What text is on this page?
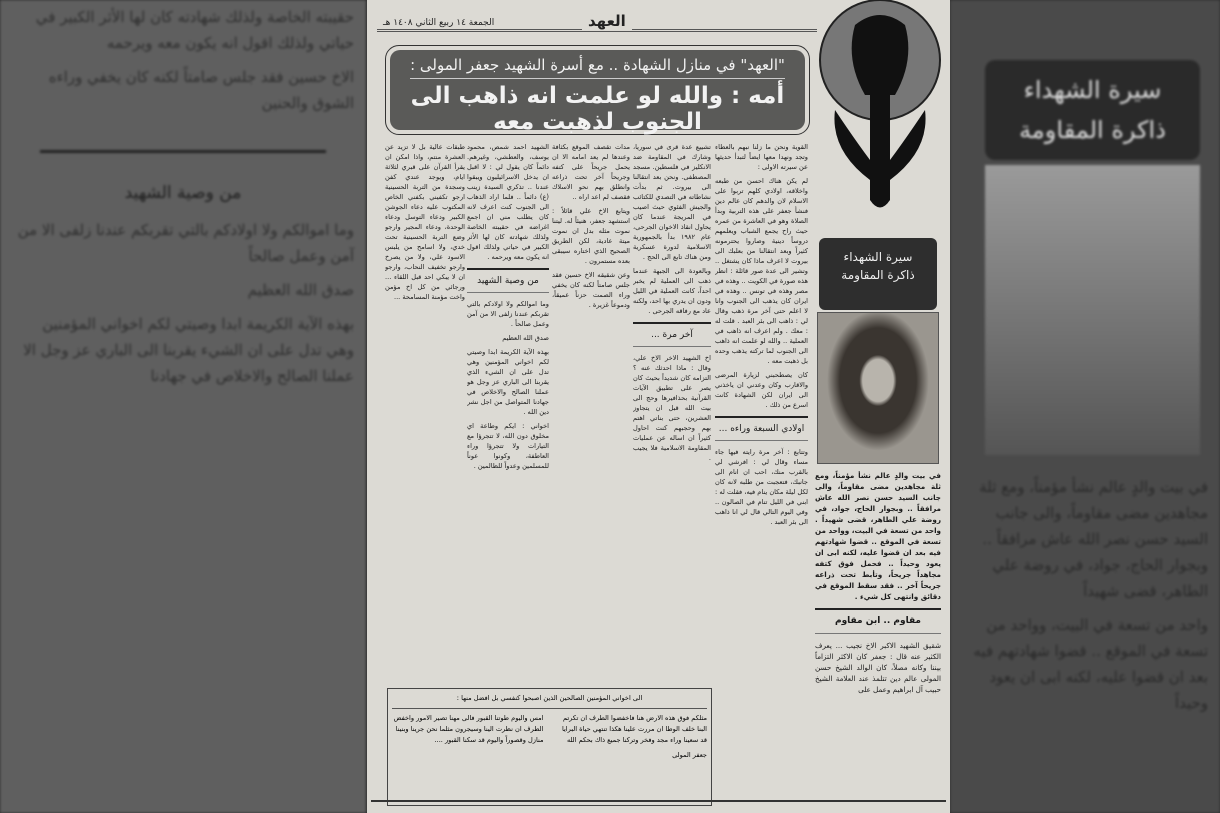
حقيبته الخاصة ولذلك شهادته كان لها الأثر الكبير في حياتي ولذلك اقول انه يكون معه ويرحمه

الاخ حسين فقد جلس صامتاً لكنه كان يخفي وراءه الشوق والحنين

من وصية الشهيد

وما اموالكم ولا اولادكم بالتي تقربكم عندنا زلفى الا من آمن وعمل صالحاً

صدق الله العظيم

بهذه الآية الكريمة ابدا وصيتي لكم اخواني المؤمنين وهي تدل على ان الشيء يقربنا الى الباري عز وجل الا عملنا الصالح والاخلاص في جهادنا

سيرة الشهداء
ذاكرة المقاومة

في بيت والدٍ عالم نشأ مؤمناً، ومع ثلة مجاهدين مضى مقاوماً، والى جانب السيد حسن نصر الله عاش مرافقاً .. وبجوار الحاج، جواد، في روضة علي الطاهر، قضى شهيداً

واحد من تسعة في البيت، وواحد من تسعة في الموقع .. قضوا شهادتهم فيه بعد ان قضوا عليه، لكنه ابى ان يعود وحيداً

الجمعة ١٤ ربيع الثاني ١٤٠٨ هـ	العهد
"العهد" في منازل الشهادة .. مع أسرة الشهيد جعفر المولى :
أمه : والله لو علمت انه ذاهب الى الجنوب لذهبت معه

القوية ونحن ما زلنا نبهم بالعطاء وتجد ونهدا معها ايضاً لتبدأ حديثها عن سيرته الاولى :

لم يكن هناك احسن من طبعه واخلاقه، اولادي كلهم تربوا على الاسلام لان والدهم كان عالم دين فنشأ جعفر على هذه التربية وبدأ الصلاة وهو في العاشرة من عمره حيث راح يجمع الشباب ويعلمهم دروساً دينية وصاروا يحترمونه كثيراً وبعد انتقالنا من بعلبك الى بيروت لا اعرف ماذا كان يشتغل .. وتشير الى عدة صور قائلة : انظر هذه صورة في الكويت .. وهذه في مصر وهذه في تونس .. وهذه في ايران كان يذهب الى الجنوب وانا لا اعلم حتى آخر مرة ذهب وقال لي : ذاهب الى بئر العبد . قلت له : معك . ولم اعرف انه ذاهب في العملية .. والله لو علمت انه ذاهب الى الجنوب لما تركته يذهب وحده بل ذهبت معه .

كان يصطحبني لزيارة المرضى والاقارب وكان وعدني ان ياخذني الى ايران لكن الشهادة كانت اسرع من ذلك .

اولادي السبعة وراءه ...

وتتابع : آخر مرة رايته فيها جاء مساء وقال لي : افرشي لي بالقرب منك، احب ان انام الى جانبك، فتعجبت من طلبه لانه كان لكل ليلة مكان ينام فيه، فقلت له : ابني في الليل تنام في الصالون .. وفي اليوم التالي قال لي انا ذاهب الى بئر العبد .

تشييع عدة قرى في سوريا، وشارك في المقاومة ضد الانكليز في فلسطين. مسجد المصطفى. ونحن بعد انتقالنا الى بيروت. ثم بدأت نشاطاته في التصدي للكتائب والجيش الفئوي حيث اصيب في المريجة عندما كان يحاول انقاذ الاخوان الجرحى، عام ١٩٨٢ بدأ بالجمهورية الاسلامية لدورة عسكرية ومن هناك تابع الى الحج .

وبالعودة الى الجبهة عندما ذهب الى العملية لم يخبر احداً، كانت العملية في الليل ودون ان يدري بها احد، ولكنه عاد مع رفاقه الجرحى .

آخر مرة ...

اخ الشهيد الاخر الاخ علي، وقال : ماذا احدثك عنه ؟ التزامه كان شديداً بحيث كان يصر على تطبيق الآيات القرآنية بحذافيرها وحج الى بيت الله قبل ان يتجاوز العشرين، حتى بناتي اهتم بهم وحجبهم كنت احاول كثيراً ان اساله عن عمليات المقاومة الاسلامية فلا يجيب .

مدات تقصف الموقع بكثافة وعندها لم يعد امامه الا ان يحمل جريحاً على كتفه وجريحاً آخر تحت ذراعه وانطلق بهم نحو الاسلاك فقصف لم اعد اراه ..

ويتابع الاخ علي قائلاً : استشهد جعفر، هنيئاً له. ليتنا نموت مثله بدل ان نموت ميتة عادية، لكن الطريق الصحيح الذي اختاره سيبقى بعده مستمرون .

وعن شقيقه الاخ حسين فقد جلس صامتاً لكنه كان يخفي وراء الصمت حزناً عميقاً، ودموعاً غزيرة .

الشهيد احمد شمص، محمود يوسف، والعطشي، وغيرهم. دائماً كان يقول لي : لا اقبل ان يدخل الاسرائيليون ويبقوا عندنا .. تذكري السيدة زينب (ع) دائماً .. فلما اراد الذهاب الى الجنوب كنت اعرف لانه كان يطلب مني ان اجمع اغراضه في حقيبته الخاصة ولذلك شهادته كان لها الأثر الكبير في حياتي ولذلك اقول انه يكون معه ويرحمه .

من وصية الشهيد

وما اموالكم ولا اولادكم بالتي تقربكم عندنا زلفى الا من آمن وعمل صالحاً .

صدق الله العظيم

بهذه الآية الكريمة ابدا وصيتي لكم اخواني المؤمنين وهي تدل على ان الشيء الذي يقربنا الى الباري عز وجل هو عملنا الصالح والاخلاص في جهادنا المتواصل من اجل نشر دين الله .

اخواني : ايكم وطاعة اي مخلوق دون الله، لا تتجرؤا مع التيارات ولا تتجرؤا وراء العاطفة، وكونوا عوناً للمسلمين وعدواً للظالمين .

طبقات عالية بل لا تزيد عن العشرة منتم، واذا امكن ان يقرأ القرآن على قبري لثلاثة ايام، ويوجد عندي كفن وسجدة من التربة الحسينية ارجو تكفيني بكفني الخاص المكتوب عليه دعاء الجوشن الكبير ودعاء التوسل ودعاء الوحدة، ودعاء المجير وارجو وضع التربة الحسينية تحت خدي، ولا اسامح من يلبس الاسود علي، ولا من يصرخ وارجو تخفيف النحاب، وارجو ان لا يبكي احد قبل اللقاء ... ورجائي من كل اخ مؤمن واخت مؤمنة المسامحة ...

سيرة الشهداء
ذاكرة المقاومة

في بيت والدٍ عالم نشأ مؤمناً، ومع ثلة مجاهدين مضى مقاوماً، والى جانب السيد حسن نصر الله عاش مرافقاً .. وبجوار الحاج، جواد، في روضة علي الطاهر، قضى شهيداً . واحد من تسعة في البيت، وواحد من تسعة في الموقع .. قضوا شهادتهم فيه بعد ان قضوا عليه، لكنه ابى ان يعود وحيداً .. فحمل فوق كتفه مجاهداً جريحاً، وتأبط تحت ذراعه جريحاً آخر .. فقد سقط الموقع في دقائق وانتهى كل شيء .

مقاوم .. ابن مقاوم

شقيق الشهيد الاكبر الاخ نجيب ... يعرف الكثير عنه قال : جعفر كان الاكثر التزاماً بيننا وكانه مصلاً، كان الوالد الشيخ حسن المولى عالم دين تتلمذ عند العلامة الشيخ حبيب آل ابراهيم وعمل على

الى اخواني المؤمنين الصالحين الذين اصبحوا كنفسي بل افضل منها :
مثلكم فوق هذه الارض هنا فاخفضوا الطرف ان تكرتم البنا خلف الوطا ان مررت علينا هكذا تنتهي حياة البرايا قد سعينا وراء مجد وفخر وتركنا جميع ذاك بحكم الله
امس واليوم طوتنا القبور فالى مهنا تصير الامور واخفض الطرف ان نظرت الينا وسيجرون مثلما نحن جرينا وبنينا منازل وقصوراً واليوم قد سكنا القبور ....
جعفر المولى
